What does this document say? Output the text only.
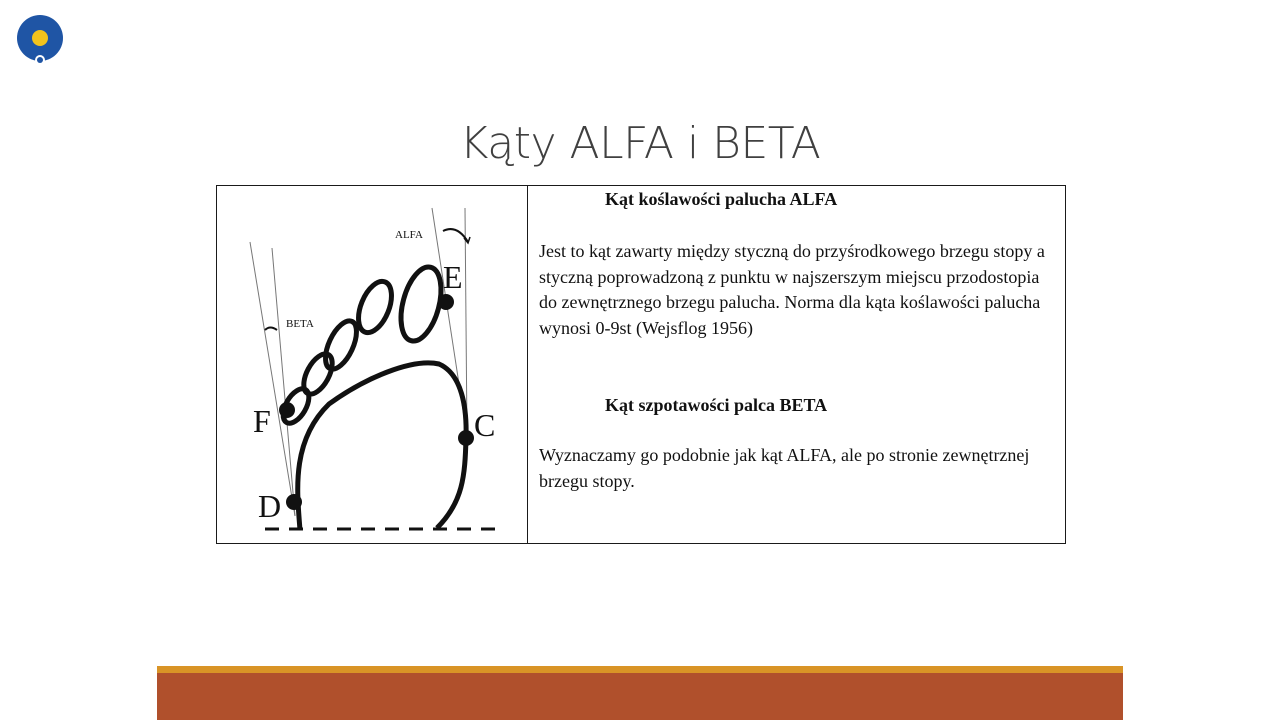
Kąty ALFA i BETA
ALFA
BETA
E
F	C
D

Kąt koślawości palucha ALFA

Jest to kąt zawarty między styczną do przyśrodkowego brzegu stopy a styczną poprowadzoną z punktu w najszerszym miejscu przodostopia do zewnętrznego brzegu palucha. Norma dla kąta koślawości palucha wynosi 0-9st (Wejsflog 1956)

Kąt szpotawości palca BETA

Wyznaczamy go podobnie jak kąt ALFA, ale po stronie zewnętrznej brzegu stopy.
